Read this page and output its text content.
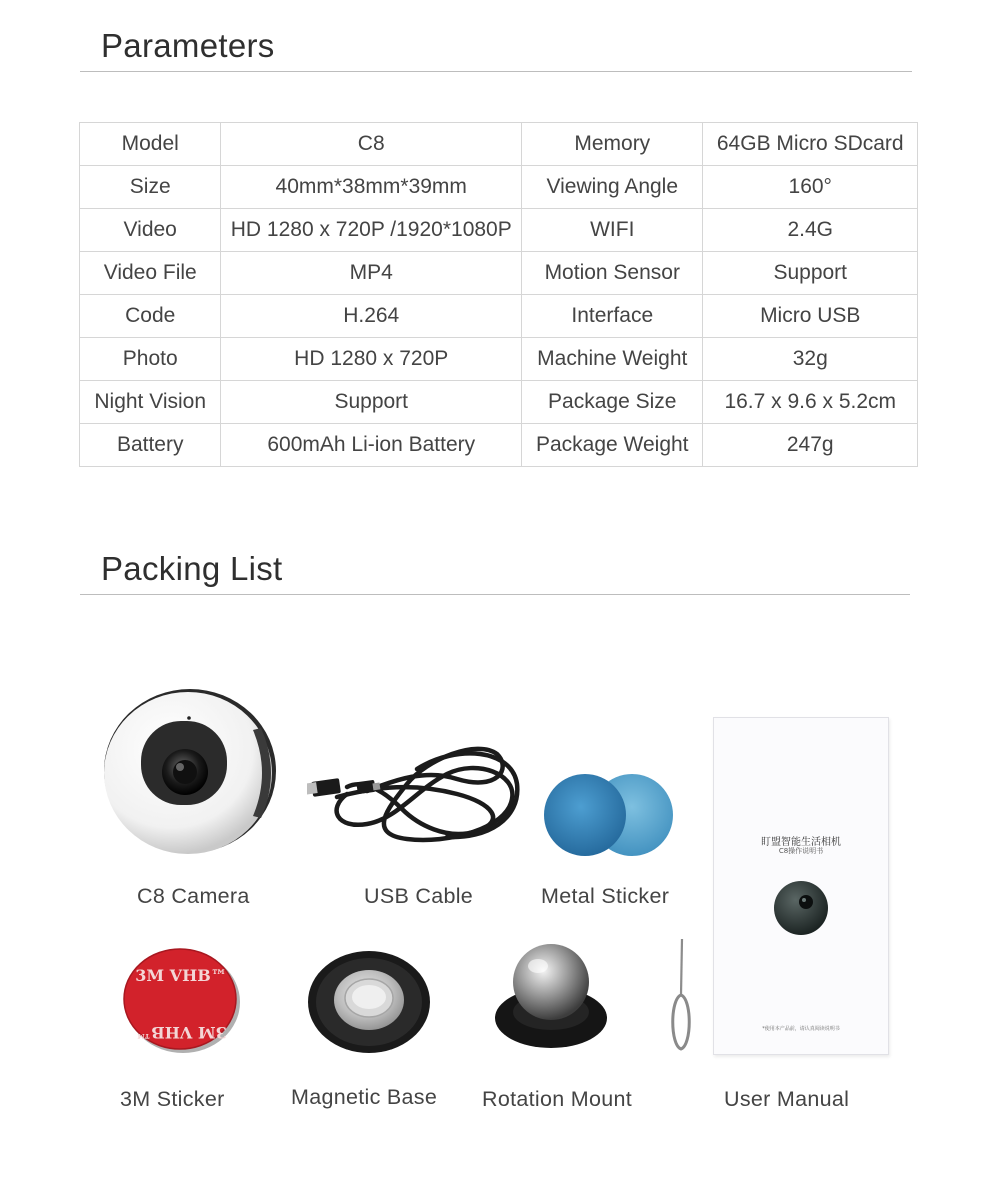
Parameters
Model	C8	Memory	64GB Micro SDcard
Size	40mm*38mm*39mm	Viewing Angle	160°
Video	HD 1280 x 720P /1920*1080P	WIFI	2.4G
Video File	MP4	Motion Sensor	Support
Code	H.264	Interface	Micro USB
Photo	HD 1280 x 720P	Machine Weight	32g
Night Vision	Support	Package Size	16.7 x 9.6 x 5.2cm
Battery	600mAh Li-ion Battery	Package Weight	247g
Packing List
C8 Camera	USB Cable	Metal Sticker
盯盟智能生活相机
C8操作说明书
*使用本产品前，请认真阅读说明书
3M VHB™
3M VHB™
3M Sticker	Magnetic Base Rotation Mount	User Manual
